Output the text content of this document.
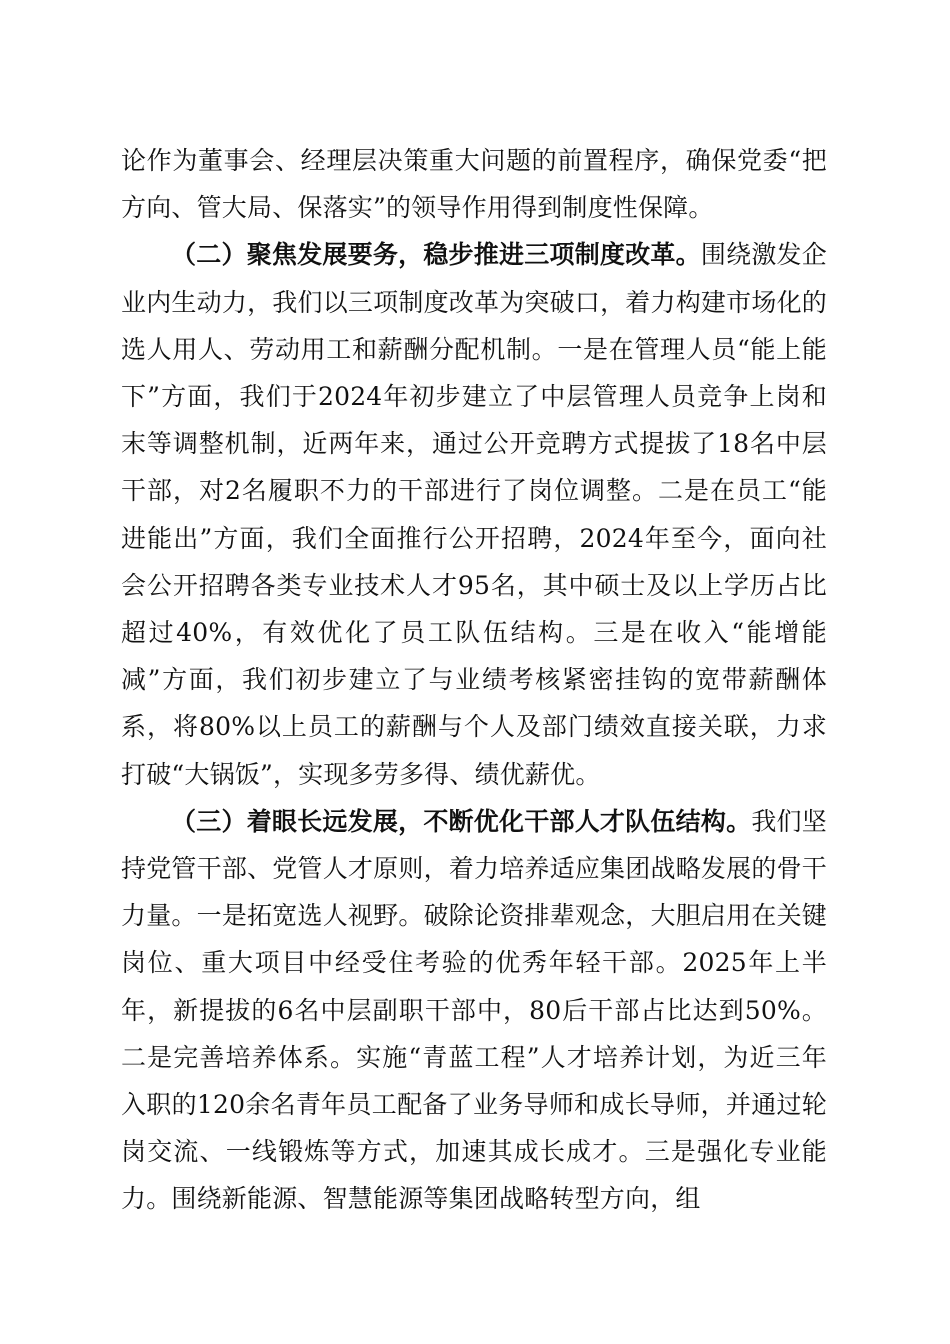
论作为董事会、经理层决策重大问题的前置程序，确保党委“把方向、管大局、保落实”的领导作用得到制度性保障。

（二）聚焦发展要务，稳步推进三项制度改革。围绕激发企业内生动力，我们以三项制度改革为突破口，着力构建市场化的选人用人、劳动用工和薪酬分配机制。一是在管理人员“能上能下”方面，我们于2024年初步建立了中层管理人员竞争上岗和末等调整机制，近两年来，通过公开竞聘方式提拔了18名中层干部，对2名履职不力的干部进行了岗位调整。二是在员工“能进能出”方面，我们全面推行公开招聘，2024年至今，面向社会公开招聘各类专业技术人才95名，其中硕士及以上学历占比超过40%，有效优化了员工队伍结构。三是在收入“能增能减”方面，我们初步建立了与业绩考核紧密挂钩的宽带薪酬体系，将80%以上员工的薪酬与个人及部门绩效直接关联，力求打破“大锅饭”，实现多劳多得、绩优薪优。

（三）着眼长远发展，不断优化干部人才队伍结构。我们坚持党管干部、党管人才原则，着力培养适应集团战略发展的骨干力量。一是拓宽选人视野。破除论资排辈观念，大胆启用在关键岗位、重大项目中经受住考验的优秀年轻干部。2025年上半年，新提拔的6名中层副职干部中，80后干部占比达到50%。二是完善培养体系。实施“青蓝工程”人才培养计划，为近三年入职的120余名青年员工配备了业务导师和成长导师，并通过轮岗交流、一线锻炼等方式，加速其成长成才。三是强化专业能力。围绕新能源、智慧能源等集团战略转型方向，组
